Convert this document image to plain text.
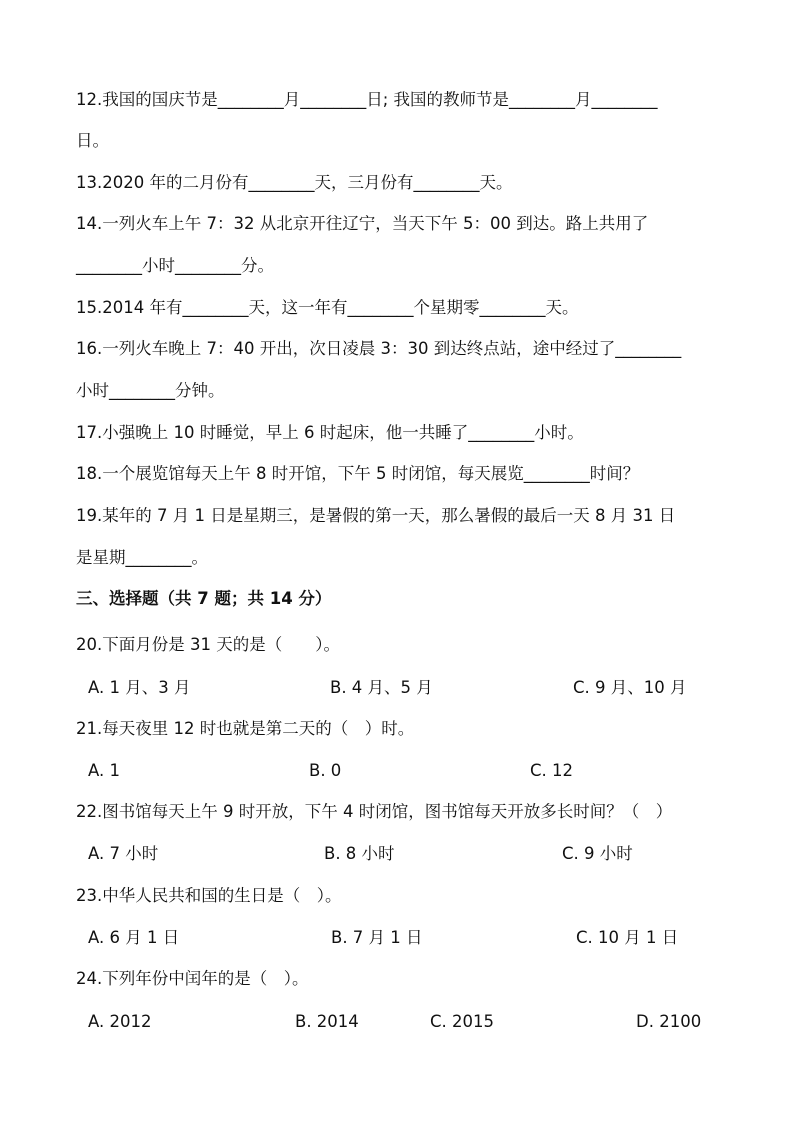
12.我国的国庆节是________月________日; 我国的教师节是________月________
日。
13.2020 年的二月份有________天，三月份有________天。
14.一列火车上午 7：32 从北京开往辽宁，当天下午 5：00 到达。路上共用了
________小时________分。
15.2014 年有________天，这一年有________个星期零________天。
16.一列火车晚上 7：40 开出，次日凌晨 3：30 到达终点站，途中经过了________
小时________分钟。
17.小强晚上 10 时睡觉，早上 6 时起床，他一共睡了________小时。
18.一个展览馆每天上午 8 时开馆，下午 5 时闭馆，每天展览________时间？
19.某年的 7 月 1 日是星期三，是暑假的第一天，那么暑假的最后一天 8 月 31 日
是星期________。
三、选择题（共 7 题；共 14 分）
20.下面月份是 31 天的是（　　）。
A. 1 月、3 月	B. 4 月、5 月	C. 9 月、10 月
21.每天夜里 12 时也就是第二天的（　）时。
A. 1	B. 0	C. 12
22.图书馆每天上午 9 时开放，下午 4 时闭馆，图书馆每天开放多长时间？（　）
A. 7 小时	B. 8 小时	C. 9 小时
23.中华人民共和国的生日是（　）。
A. 6 月 1 日	B. 7 月 1 日	C. 10 月 1 日
24.下列年份中闰年的是（　）。
A. 2012	B. 2014	C. 2015	D. 2100
